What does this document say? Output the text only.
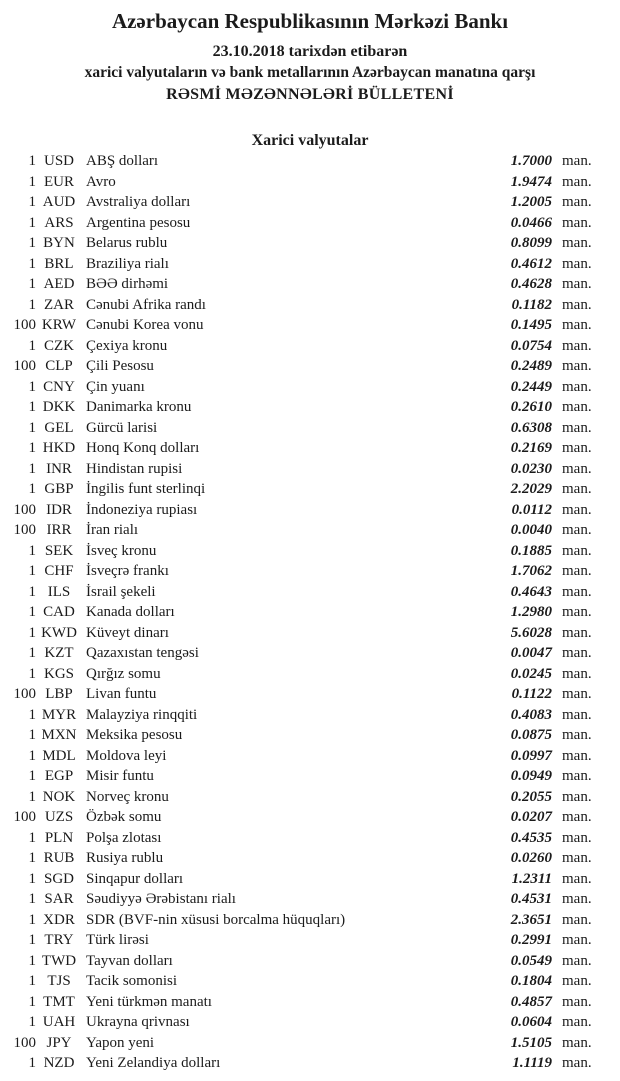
Azərbaycan Respublikasının Mərkəzi Bankı
23.10.2018 tarixdən etibarən
xarici valyutaların və bank metallarının Azərbaycan manatına qarşı
RƏSMİ MƏZƏNNƏLƏRİ BÜLLETENİ
Xarici valyutalar
1 USD ABŞ dolları	1.7000 man.
1 EUR Avro	1.9474 man.
1 AUD Avstraliya dolları	1.2005 man.
1 ARS Argentina pesosu	0.0466 man.
1 BYN Belarus rublu	0.8099 man.
1 BRL Braziliya rialı	0.4612 man.
1 AED BƏƏ dirhəmi	0.4628 man.
1 ZAR Cənubi Afrika randı	0.1182 man.
100 KRW Cənubi Korea vonu	0.1495 man.
1 CZK Çexiya kronu	0.0754 man.
100 CLP Çili Pesosu	0.2489 man.
1 CNY Çin yuanı	0.2449 man.
1 DKK Danimarka kronu	0.2610 man.
1 GEL Gürcü larisi	0.6308 man.
1 HKD Honq Konq dolları	0.2169 man.
1 INR Hindistan rupisi	0.0230 man.
1 GBP İngilis funt sterlinqi	2.2029 man.
100 IDR İndoneziya rupiası	0.0112 man.
100 IRR İran rialı	0.0040 man.
1 SEK İsveç kronu	0.1885 man.
1 CHF İsveçrə frankı	1.7062 man.
1 ILS	İsrail şekeli	0.4643 man.
1 CAD Kanada dolları	1.2980 man.
1 KWD Küveyt dinarı	5.6028 man.
1 KZT Qazaxıstan tengəsi	0.0047 man.
1 KGS Qırğız somu	0.0245 man.
100 LBP Livan funtu	0.1122 man.
1 MYR Malayziya rinqqiti	0.4083 man.
1 MXN Meksika pesosu	0.0875 man.
1 MDL Moldova leyi	0.0997 man.
1 EGP Misir funtu	0.0949 man.
1 NOK Norveç kronu	0.2055 man.
100 UZS Özbək somu	0.0207 man.
1 PLN Polşa zlotası	0.4535 man.
1 RUB Rusiya rublu	0.0260 man.
1 SGD Sinqapur dolları	1.2311 man.
1 SAR Səudiyyə Ərəbistanı rialı	0.4531 man.
1 XDR SDR (BVF-nin xüsusi borcalma hüquqları)	2.3651 man.
1 TRY Türk lirəsi	0.2991 man.
1 TWD Tayvan dolları	0.0549 man.
1 TJS	Tacik somonisi	0.1804 man.
1 TMT Yeni türkmən manatı	0.4857 man.
1 UAH Ukrayna qrivnası	0.0604 man.
100 JPY Yapon yeni	1.5105 man.
1 NZD Yeni Zelandiya dolları	1.1119 man.
